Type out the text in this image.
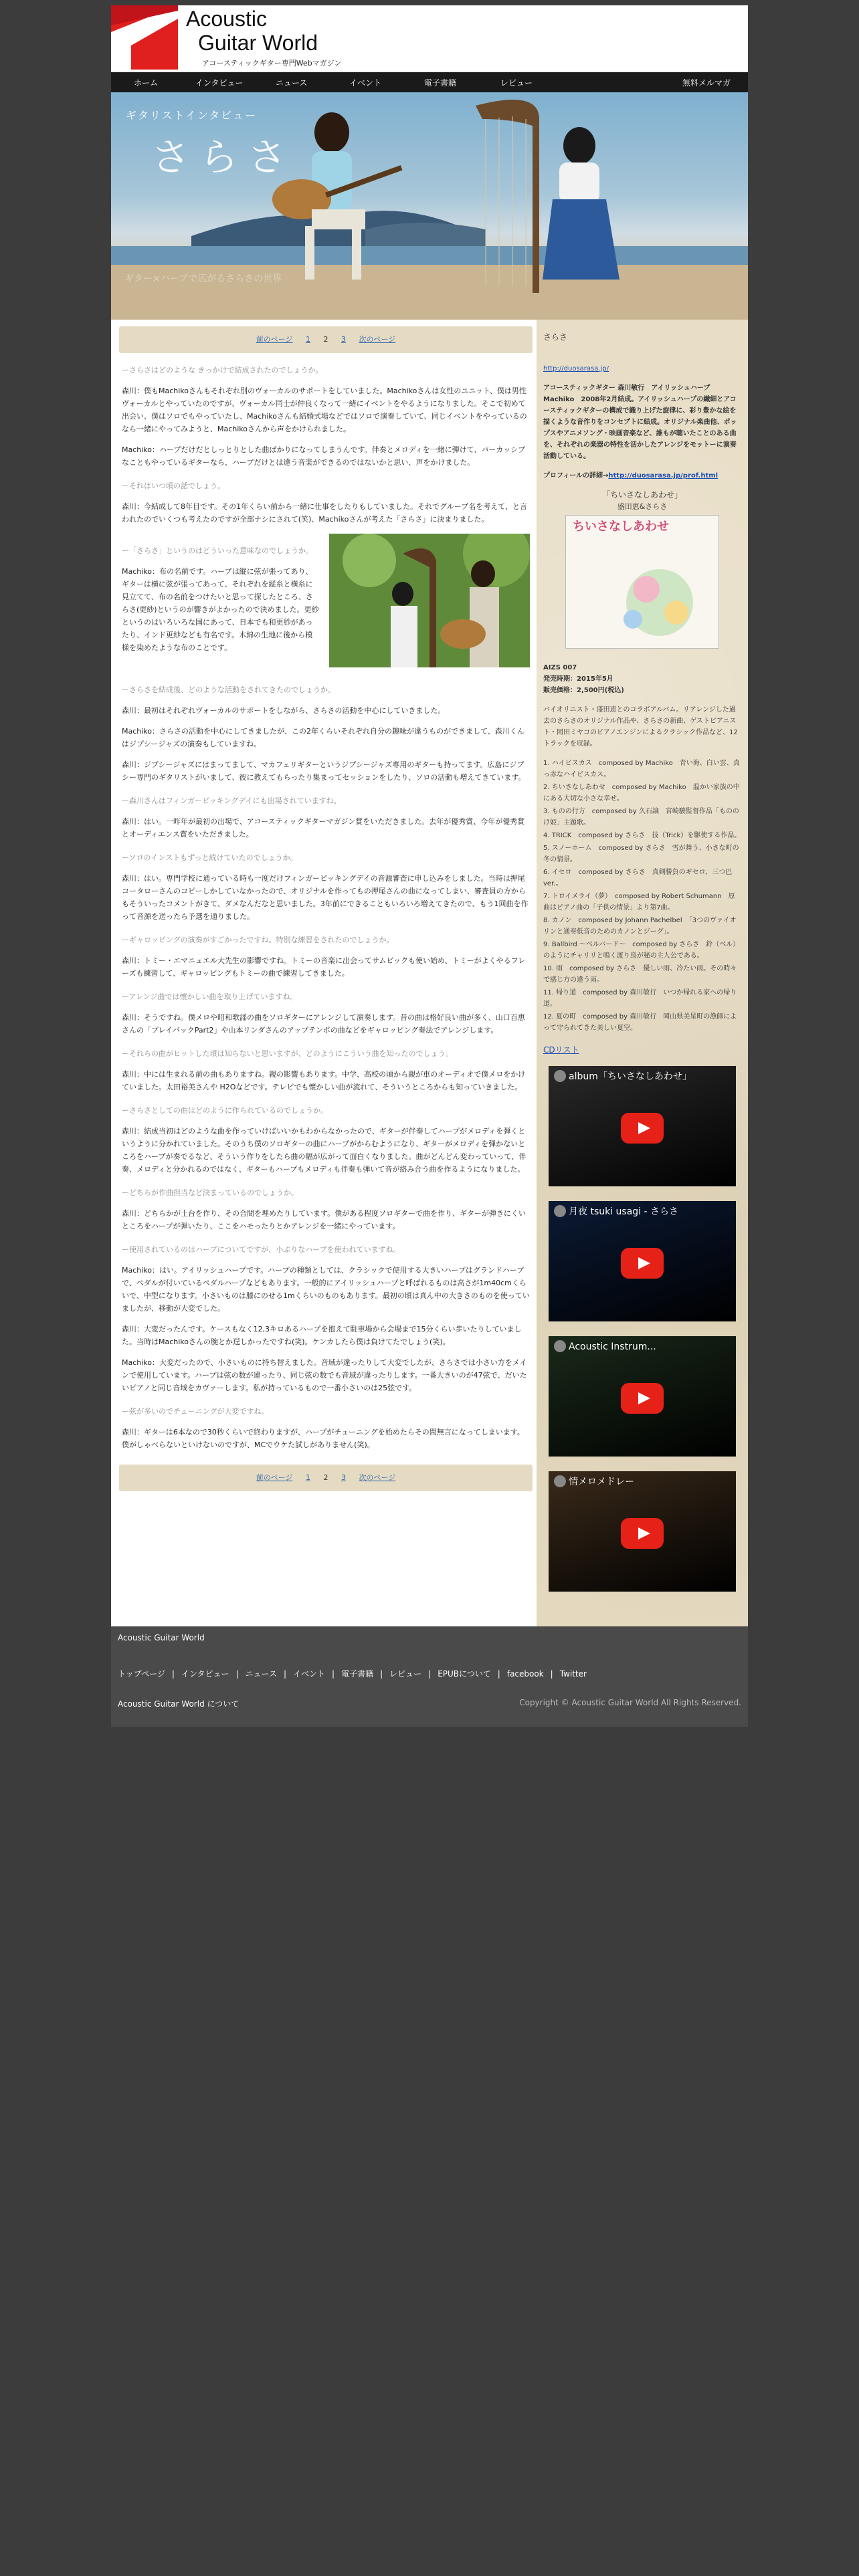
Acoustic
Guitar World
アコースティックギター専門Webマガジン
ホーム	インタビュー	ニュース	イベント	電子書籍	レビュー	無料メルマガ
ギタリストインタビュー
さらさ
ギター×ハープで広がるさらさの世界
前のページ 1 2 3 次のページ
ーさらさはどのような きっかけで結成されたのでしょうか。
森川：僕もMachikoさんもそれぞれ別のヴォーカルのサポートをしていました。Machikoさんは女性のユニット、僕は男性ヴォーカルとやっていたのですが、ヴォーカル同士が仲良くなって一緒にイベントをやるようになりました。そこで初めて出会い、僕はソロでもやっていたし、Machikoさんも結婚式場などではソロで演奏していて、同じイベントをやっているのなら一緒にやってみようと、Machikoさんから声をかけられました。
Machiko：ハープだけだとしっとりとした曲ばかりになってしまうんです。伴奏とメロディを一緒に弾けて、パーカッシブなこともやっているギターなら、ハープだけとは違う音楽ができるのではないかと思い、声をかけました。
ーそれはいつ頃の話でしょう。
森川：今結成して8年目です。その1年くらい前から一緒に仕事をしたりもしていました。それでグループ名を考えて、と言われたのでいくつも考えたのですが全部ナシにされて(笑)、Machikoさんが考えた「さらさ」に決まりました。
ー「さらさ」というのはどういった意味なのでしょうか。
Machiko：布の名前です。ハープは縦に弦が張ってあり、ギターは横に弦が張ってあって、それぞれを縦糸と横糸に見立てて、布の名前をつけたいと思って探したところ、さらさ(更紗)というのが響きがよかったので決めました。更紗というのはいろいろな国にあって、日本でも和更紗があったり、インド更紗なども有名です。木綿の生地に後から模様を染めたような布のことです。
ーさらさを結成後、どのような活動をされてきたのでしょうか。
森川：最初はそれぞれヴォーカルのサポートをしながら、さらさの活動を中心にしていきました。
Machiko：さらさの活動を中心にしてきましたが、この2年くらいそれぞれ自分の趣味が違うものができまして、森川くんはジプシージャズの演奏もしていますね。
森川：ジプシージャズにはまってまして、マカフェリギターというジプシージャズ専用のギターも持ってます。広島にジプシー専門のギタリストがいまして、彼に教えてもらったり集まってセッションをしたり、ソロの活動も増えてきています。
ー森川さんはフィンガーピッキングデイにも出場されていますね。
森川：はい。一昨年が最初の出場で、アコースティックギターマガジン賞をいただきました。去年が優秀賞、今年が優秀賞とオーディエンス賞をいただきました。
ーソロのインストもずっと続けていたのでしょうか。
森川：はい。専門学校に通っている時も一度だけフィンガーピッキングデイの音源審査に申し込みをしました。当時は押尾コータローさんのコピーしかしていなかったので、オリジナルを作ってもの押尾さんの曲になってしまい、審査員の方からもそういったコメントがきて、ダメなんだなと思いました。3年前にできることもいろいろ増えてきたので、もう1回曲を作って音源を送ったら予選を通りました。
ーギャロッピングの演奏がすごかったですね。特別な練習をされたのでしょうか。
森川：トミー・エマニュエル大先生の影響ですね。トミーの音楽に出会ってサムピックも使い始め、トミーがよくやるフレーズも練習して、ギャロッピングもトミーの曲で練習してきました。
ーアレンジ曲では懐かしい曲を取り上げていますね。
森川：そうですね。僕メロや昭和歌謡の曲をソロギターにアレンジして演奏します。昔の曲は格好良い曲が多く、山口百恵さんの「プレイバックPart2」や山本リンダさんのアップテンポの曲などをギャロッピング奏法でアレンジします。
ーそれらの曲がヒットした頃は知らないと思いますが、どのようにこういう曲を知ったのでしょう。
森川：中には生まれる前の曲もありますね。親の影響もあります。中学、高校の頃から親が車のオーディオで僕メロをかけていました。太田裕美さんや H2Oなどです。テレビでも懐かしい曲が流れて、そういうところからも知っていきました。
ーさらさとしての曲はどのように作られているのでしょうか。
森川：結成当初はどのような曲を作っていけばいいかもわからなかったので、ギターが伴奏してハープがメロディを弾くというように分かれていました。そのうち僕のソロギターの曲にハープがからむようになり、ギターがメロディを弾かないところをハープが奏でるなど、そういう作りをしたら曲の幅が広がって面白くなりました。曲がどんどん変わっていって、伴奏、メロディと分かれるのではなく、ギターもハープもメロディも伴奏も弾いて音が絡み合う曲を作るようになりました。
ーどちらが作曲担当など決まっているのでしょうか。
森川：どちらかが土台を作り、その合間を埋めたりしています。僕がある程度ソロギターで曲を作り、ギターが弾きにくいところをハープが弾いたり、ここをハモったりとかアレンジを一緒にやっています。
ー使用されているのはハープについてですが、小ぶりなハープを使われていますね。
Machiko：はい。アイリッシュハープです。ハープの種類としては、クラシックで使用する大きいハープはグランドハープで、ペダルが付いているペダルハープなどもあります。一般的にアイリッシュハープと呼ばれるものは高さが1m40cmくらいで、中型になります。小さいものは膝にのせる1mくらいのものもあります。最初の頃は真ん中の大きさのものを使っていましたが、移動が大変でした。
森川：大変だったんです。ケースもなく12,3キロあるハープを抱えて駐車場から会場まで15分くらい歩いたりしていました。当時はMachikoさんの腕とか逞しかったですね(笑)。ケンカしたら僕は負けてたでしょう(笑)。
Machiko：大変だったので、小さいものに持ち替えました。音域が違ったりして大変でしたが、さらさでは小さい方をメインで使用しています。ハープは弦の数が違ったり、同じ弦の数でも音域が違ったりします。一番大きいのが47弦で、だいたいピアノと同じ音域をカヴァーします。私が持っているもので一番小さいのは25弦です。
ー弦が多いのでチューニングが大変ですね。
森川：ギターは6本なので30秒くらいで終わりますが、ハープがチューニングを始めたらその間無言になってしまいます。僕がしゃべらないといけないのですが、MCでウケた試しがありません(笑)。
前のページ 1 2 3 次のページ
さらさ
http://duosarasa.jp/
アコースティックギター 森川敏行　アイリッシュハープ Machiko　2008年2月結成。アイリッシュハープの繊細とアコースティックギターの構成で織り上げた旋律に、彩り豊かな絵を描くような音作りをコンセプトに結成。オリジナル楽曲他、ポップスやアニメソング・映画音楽など、誰もが聴いたことのある曲を、それぞれの楽器の特性を活かしたアレンジをモットーに演奏活動している。
プロフィールの詳細→http://duosarasa.jp/prof.html
「ちいさなしあわせ」
盛田恵&さらさ
ちいさなしあわせ
AIZS 007
発売時期：2015年5月
販売価格：2,500円(税込)
バイオリニスト・盛田恵とのコラボアルバム。リアレンジした過去のさらさのオリジナル作品や、さらさの新曲、ゲストピアニスト・岡田ミヤコのピアノエンジンによるクラシック作品など、12トラックを収録。
1. ハイビスカス　composed by Machiko　青い海、白い雲、真っ赤なハイビスカス。
2. ちいさなしあわせ　composed by Machiko　温かい家族の中にある大切な小さな幸せ。
3. ものの行方　composed by 久石譲　宮崎駿監督作品「もののけ姫」主題歌。
4. TRICK　composed by さらさ　技（Trick）を駆使する作品。
5. スノーホーム　composed by さらさ　雪が舞う、小さな町の冬の情景。
6. イセロ　composed by さらさ　真剣勝負のギセロ、三つ巴ver.。
7. トロイメライ（夢）　composed by Robert Schumann　原曲はピアノ曲の「子供の情景」より第7曲。
8. カノン　composed by Johann Pachelbel　「3つのヴァイオリンと通奏低音のためのカノンとジーグ」。
9. Ballbird ～ベルバード～　composed by さらさ　鈴（ベル）のようにチャリリと鳴く渡り鳥が秘の主人公である。
10. 雨　composed by さらさ　優しい雨、冷たい雨。その時々で感じ方の違う雨。
11. 帰り道　composed by 森川敏行　いつか帰れる家への帰り道。
12. 夏の町　composed by 森川敏行　岡山県美星町の漁師によって守られてきた美しい夏空。
CDリスト
album「ちいさなしあわせ」
月夜 tsuki usagi - さらさ
Acoustic Instrum...
情メロメドレー
Acoustic Guitar World
トップページ | インタビュー | ニュース | イベント | 電子書籍 | レビュー | EPUBについて | facebook | Twitter
Acoustic Guitar World について	Copyright © Acoustic Guitar World All Rights Reserved.
